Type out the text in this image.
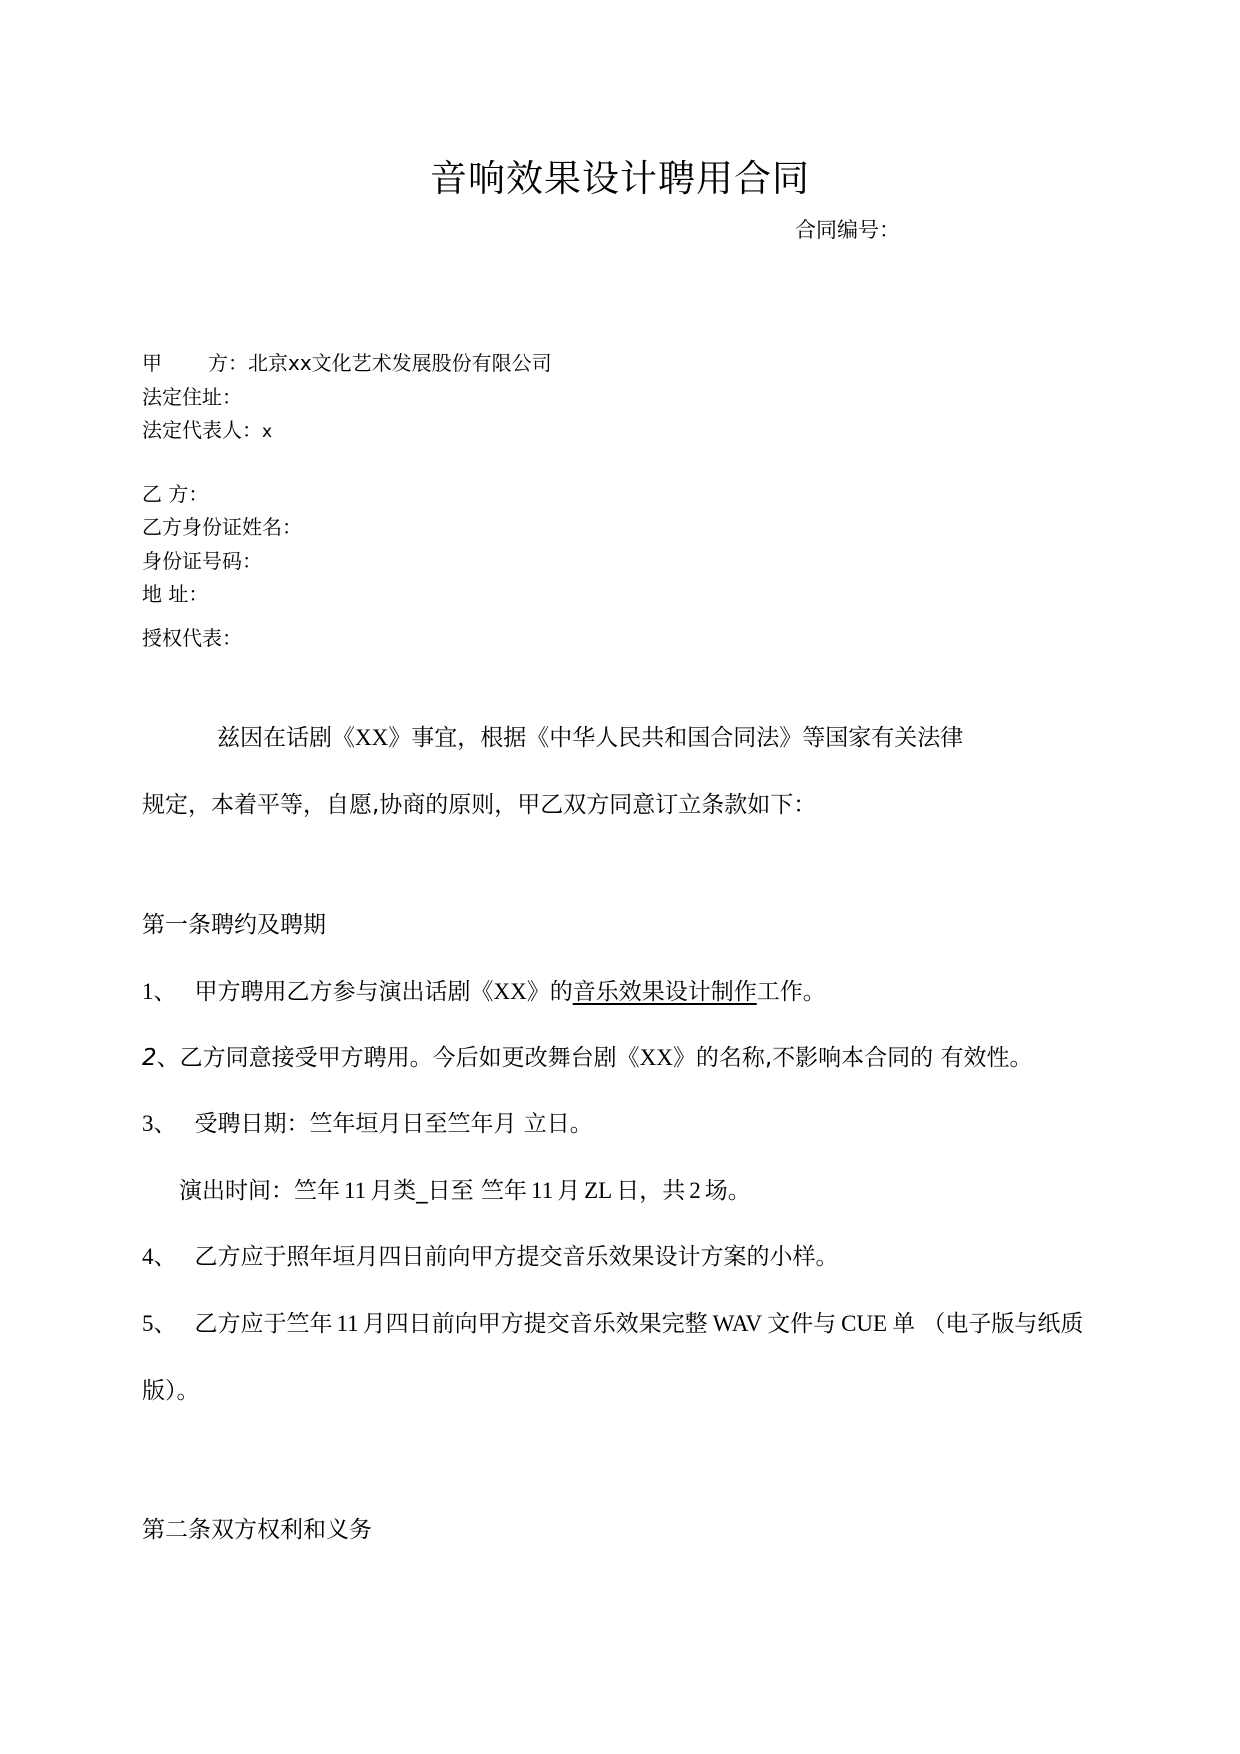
音响效果设计聘用合同
合同编号：
甲 方：北京xx文化艺术发展股份有限公司
法定住址：
法定代表人：x
乙 方：
乙方身份证姓名：
身份证号码：
地 址：
授权代表：
兹因在话剧《XX》事宜，根据《中华人民共和国合同法》等国家有关法律
规定，本着平等，自愿,协商的原则，甲乙双方同意订立条款如下：
第一条聘约及聘期
1、 甲方聘用乙方参与演出话剧《XX》的音乐效果设计制作工作。
2、乙方同意接受甲方聘用。今后如更改舞台剧《XX》的名称,不影响本合同的 有效性。
3、 受聘日期：竺年垣月日至竺年月 立日。
演出时间：竺年 11 月类_日至 竺年 11 月 ZL 日，共 2 场。
4、 乙方应于照年垣月四日前向甲方提交音乐效果设计方案的小样。
5、 乙方应于竺年 11 月四日前向甲方提交音乐效果完整 WAV 文件与 CUE 单 （电子版与纸质
版）。
第二条双方权利和义务
